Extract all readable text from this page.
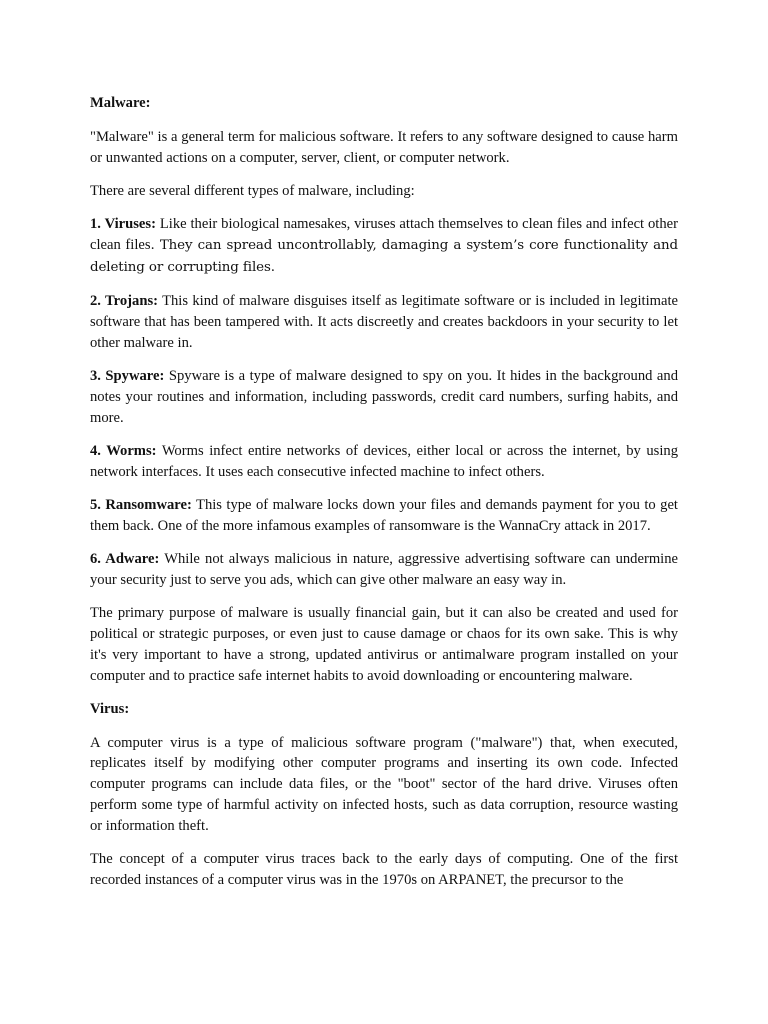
Malware:

"Malware" is a general term for malicious software. It refers to any software designed to cause harm or unwanted actions on a computer, server, client, or computer network.

There are several different types of malware, including:

1. Viruses: Like their biological namesakes, viruses attach themselves to clean files and infect other clean files. They can spread uncontrollably, damaging a system’s core functionality and deleting or corrupting files.

2. Trojans: This kind of malware disguises itself as legitimate software or is included in legitimate software that has been tampered with. It acts discreetly and creates backdoors in your security to let other malware in.

3. Spyware: Spyware is a type of malware designed to spy on you. It hides in the background and notes your routines and information, including passwords, credit card numbers, surfing habits, and more.

4. Worms: Worms infect entire networks of devices, either local or across the internet, by using network interfaces. It uses each consecutive infected machine to infect others.

5. Ransomware: This type of malware locks down your files and demands payment for you to get them back. One of the more infamous examples of ransomware is the WannaCry attack in 2017.

6. Adware: While not always malicious in nature, aggressive advertising software can undermine your security just to serve you ads, which can give other malware an easy way in.

The primary purpose of malware is usually financial gain, but it can also be created and used for political or strategic purposes, or even just to cause damage or chaos for its own sake. This is why it's very important to have a strong, updated antivirus or antimalware program installed on your computer and to practice safe internet habits to avoid downloading or encountering malware.

Virus:

A computer virus is a type of malicious software program ("malware") that, when executed, replicates itself by modifying other computer programs and inserting its own code. Infected computer programs can include data files, or the "boot" sector of the hard drive. Viruses often perform some type of harmful activity on infected hosts, such as data corruption, resource wasting or information theft.

The concept of a computer virus traces back to the early days of computing. One of the first recorded instances of a computer virus was in the 1970s on ARPANET, the precursor to the
